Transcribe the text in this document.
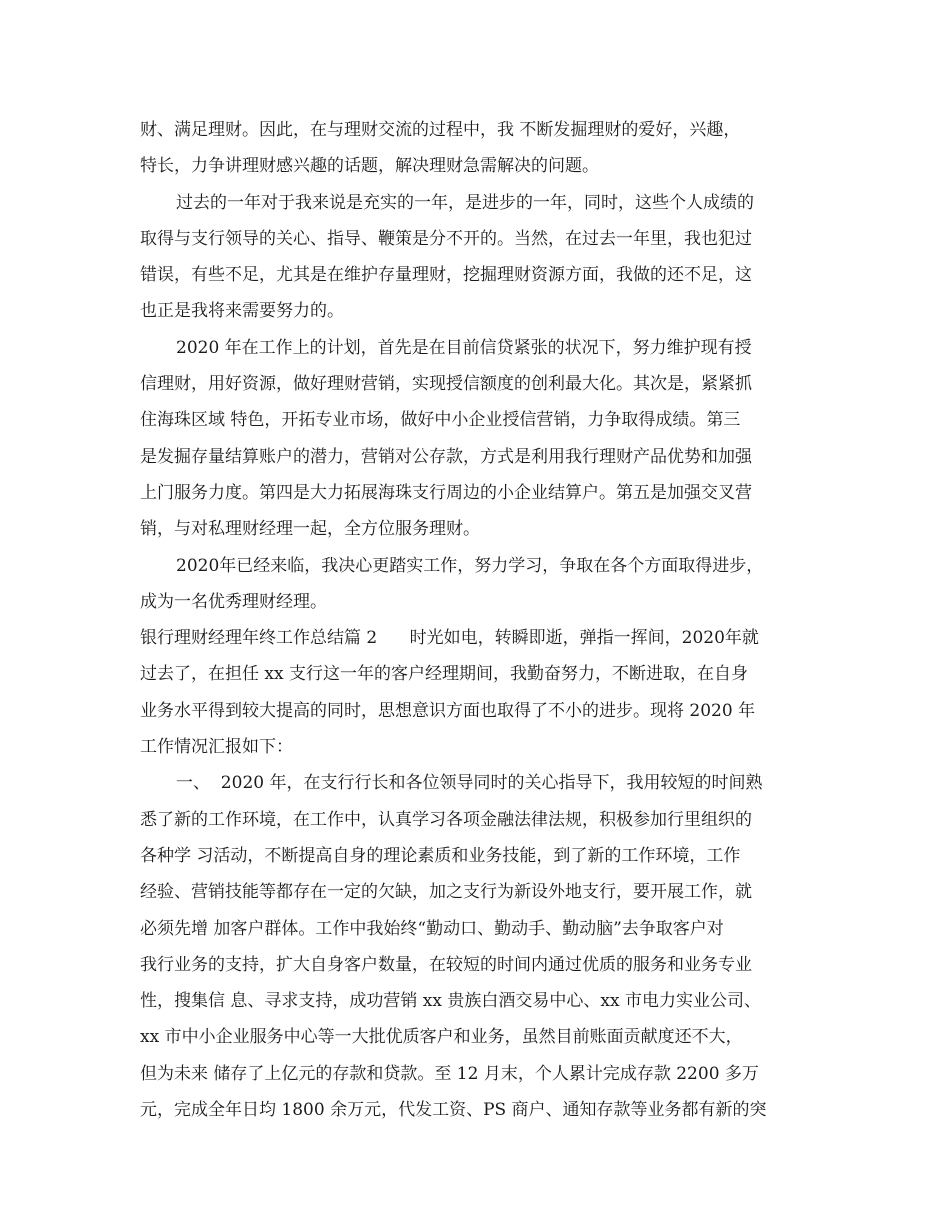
财、满足理财。因此，在与理财交流的过程中，我 不断发掘理财的爱好，兴趣，
特长，力争讲理财感兴趣的话题，解决理财急需解决的问题。
过去的一年对于我来说是充实的一年，是进步的一年，同时，这些个人成绩的
取得与支行领导的关心、指导、鞭策是分不开的。当然，在过去一年里，我也犯过
错误，有些不足，尤其是在维护存量理财，挖掘理财资源方面，我做的还不足，这
也正是我将来需要努力的。
2020 年在工作上的计划，首先是在目前信贷紧张的状况下，努力维护现有授
信理财，用好资源，做好理财营销，实现授信额度的创利最大化。其次是，紧紧抓
住海珠区域 特色，开拓专业市场，做好中小企业授信营销，力争取得成绩。第三
是发掘存量结算账户的潜力，营销对公存款，方式是利用我行理财产品优势和加强
上门服务力度。第四是大力拓展海珠支行周边的小企业结算户。第五是加强交叉营
销，与对私理财经理一起，全方位服务理财。
2020年已经来临，我决心更踏实工作，努力学习，争取在各个方面取得进步，
成为一名优秀理财经理。
银行理财经理年终工作总结篇 2      时光如电，转瞬即逝，弹指一挥间，2020年就
过去了，在担任 xx 支行这一年的客户经理期间，我勤奋努力，不断进取，在自身
业务水平得到较大提高的同时，思想意识方面也取得了不小的进步。现将 2020 年
工作情况汇报如下：
一、  2020 年，在支行行长和各位领导同时的关心指导下，我用较短的时间熟
悉了新的工作环境，在工作中，认真学习各项金融法律法规，积极参加行里组织的
各种学 习活动，不断提高自身的理论素质和业务技能，到了新的工作环境，工作
经验、营销技能等都存在一定的欠缺，加之支行为新设外地支行，要开展工作，就
必须先增 加客户群体。工作中我始终“勤动口、勤动手、勤动脑”去争取客户对
我行业务的支持，扩大自身客户数量，在较短的时间内通过优质的服务和业务专业
性，搜集信 息、寻求支持，成功营销 xx 贵族白酒交易中心、xx 市电力实业公司、
xx 市中小企业服务中心等一大批优质客户和业务，虽然目前账面贡献度还不大，
但为未来 储存了上亿元的存款和贷款。至 12 月末，个人累计完成存款 2200 多万
元，完成全年日均 1800 余万元，代发工资、PS 商户、通知存款等业务都有新的突
